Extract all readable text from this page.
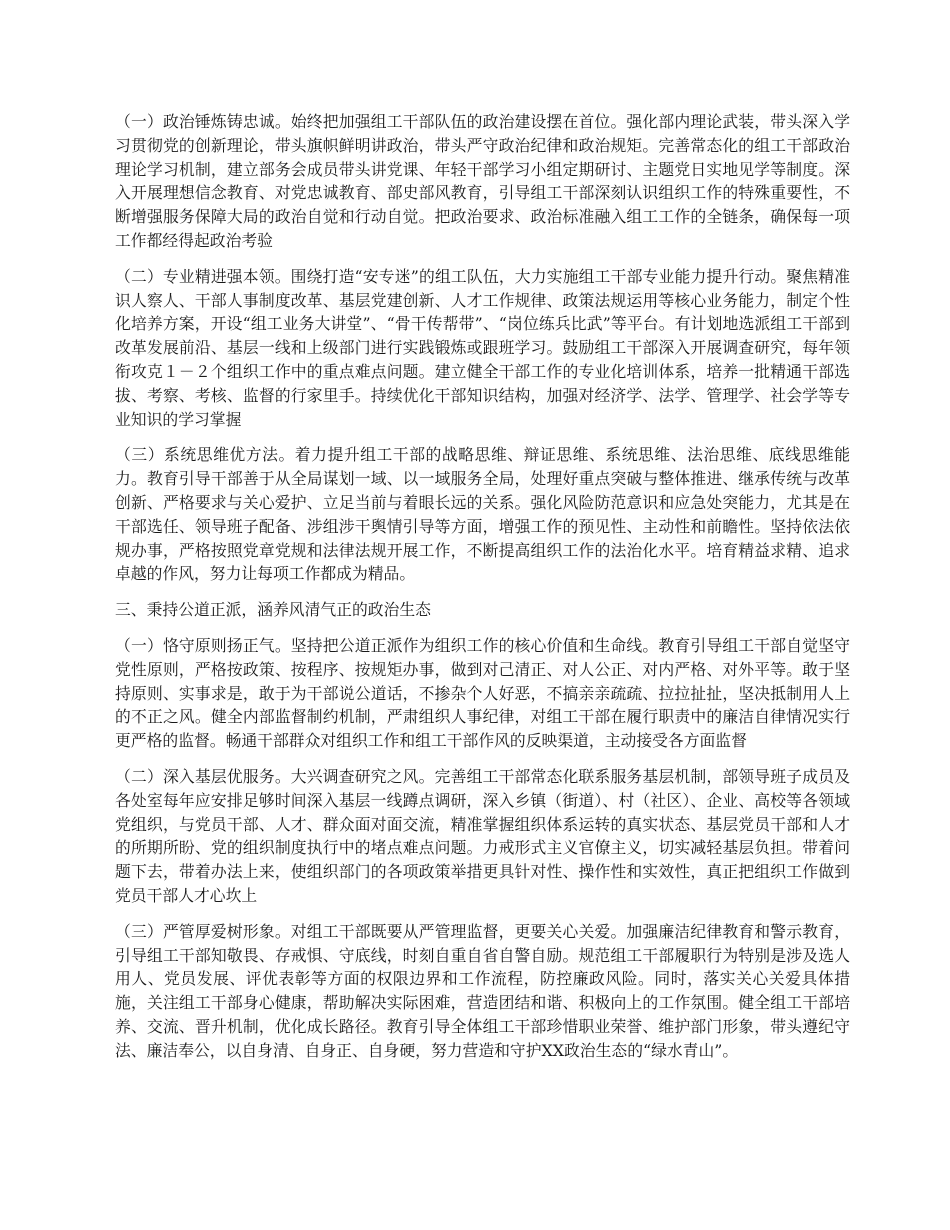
（一）政治锤炼铸忠诚。始终把加强组工干部队伍的政治建设摆在首位。强化部内理论武装，带头深入学习贯彻党的创新理论，带头旗帜鲜明讲政治，带头严守政治纪律和政治规矩。完善常态化的组工干部政治理论学习机制，建立部务会成员带头讲党课、年轻干部学习小组定期研讨、主题党日实地见学等制度。深入开展理想信念教育、对党忠诚教育、部史部风教育，引导组工干部深刻认识组织工作的特殊重要性，不断增强服务保障大局的政治自觉和行动自觉。把政治要求、政治标准融入组工工作的全链条，确保每一项工作都经得起政治考验

（二）专业精进强本领。围绕打造“安专迷”的组工队伍，大力实施组工干部专业能力提升行动。聚焦精准识人察人、干部人事制度改革、基层党建创新、人才工作规律、政策法规运用等核心业务能力，制定个性化培养方案，开设“组工业务大讲堂”、“骨干传帮带”、“岗位练兵比武”等平台。有计划地选派组工干部到改革发展前沿、基层一线和上级部门进行实践锻炼或跟班学习。鼓励组工干部深入开展调查研究，每年领衔攻克１－２个组织工作中的重点难点问题。建立健全干部工作的专业化培训体系，培养一批精通干部选拔、考察、考核、监督的行家里手。持续优化干部知识结构，加强对经济学、法学、管理学、社会学等专业知识的学习掌握

（三）系统思维优方法。着力提升组工干部的战略思维、辩证思维、系统思维、法治思维、底线思维能力。教育引导干部善于从全局谋划一域、以一域服务全局，处理好重点突破与整体推进、继承传统与改革创新、严格要求与关心爱护、立足当前与着眼长远的关系。强化风险防范意识和应急处突能力，尤其是在干部选任、领导班子配备、涉组涉干舆情引导等方面，增强工作的预见性、主动性和前瞻性。坚持依法依规办事，严格按照党章党规和法律法规开展工作，不断提高组织工作的法治化水平。培育精益求精、追求卓越的作风，努力让每项工作都成为精品。

三、秉持公道正派，涵养风清气正的政治生态

（一）恪守原则扬正气。坚持把公道正派作为组织工作的核心价值和生命线。教育引导组工干部自觉坚守党性原则，严格按政策、按程序、按规矩办事，做到对己清正、对人公正、对内严格、对外平等。敢于坚持原则、实事求是，敢于为干部说公道话，不掺杂个人好恶，不搞亲亲疏疏、拉拉扯扯，坚决抵制用人上的不正之风。健全内部监督制约机制，严肃组织人事纪律，对组工干部在履行职责中的廉洁自律情况实行更严格的监督。畅通干部群众对组织工作和组工干部作风的反映渠道，主动接受各方面监督

（二）深入基层优服务。大兴调查研究之风。完善组工干部常态化联系服务基层机制，部领导班子成员及各处室每年应安排足够时间深入基层一线蹲点调研，深入乡镇（街道）、村（社区）、企业、高校等各领域党组织，与党员干部、人才、群众面对面交流，精准掌握组织体系运转的真实状态、基层党员干部和人才的所期所盼、党的组织制度执行中的堵点难点问题。力戒形式主义官僚主义，切实减轻基层负担。带着问题下去，带着办法上来，使组织部门的各项政策举措更具针对性、操作性和实效性，真正把组织工作做到党员干部人才心坎上

（三）严管厚爱树形象。对组工干部既要从严管理监督，更要关心关爱。加强廉洁纪律教育和警示教育，引导组工干部知敬畏、存戒惧、守底线，时刻自重自省自警自励。规范组工干部履职行为特别是涉及选人用人、党员发展、评优表彰等方面的权限边界和工作流程，防控廉政风险。同时，落实关心关爱具体措施，关注组工干部身心健康，帮助解决实际困难，营造团结和谐、积极向上的工作氛围。健全组工干部培养、交流、晋升机制，优化成长路径。教育引导全体组工干部珍惜职业荣誉、维护部门形象，带头遵纪守法、廉洁奉公，以自身清、自身正、自身硬，努力营造和守护XX政治生态的“绿水青山”。
